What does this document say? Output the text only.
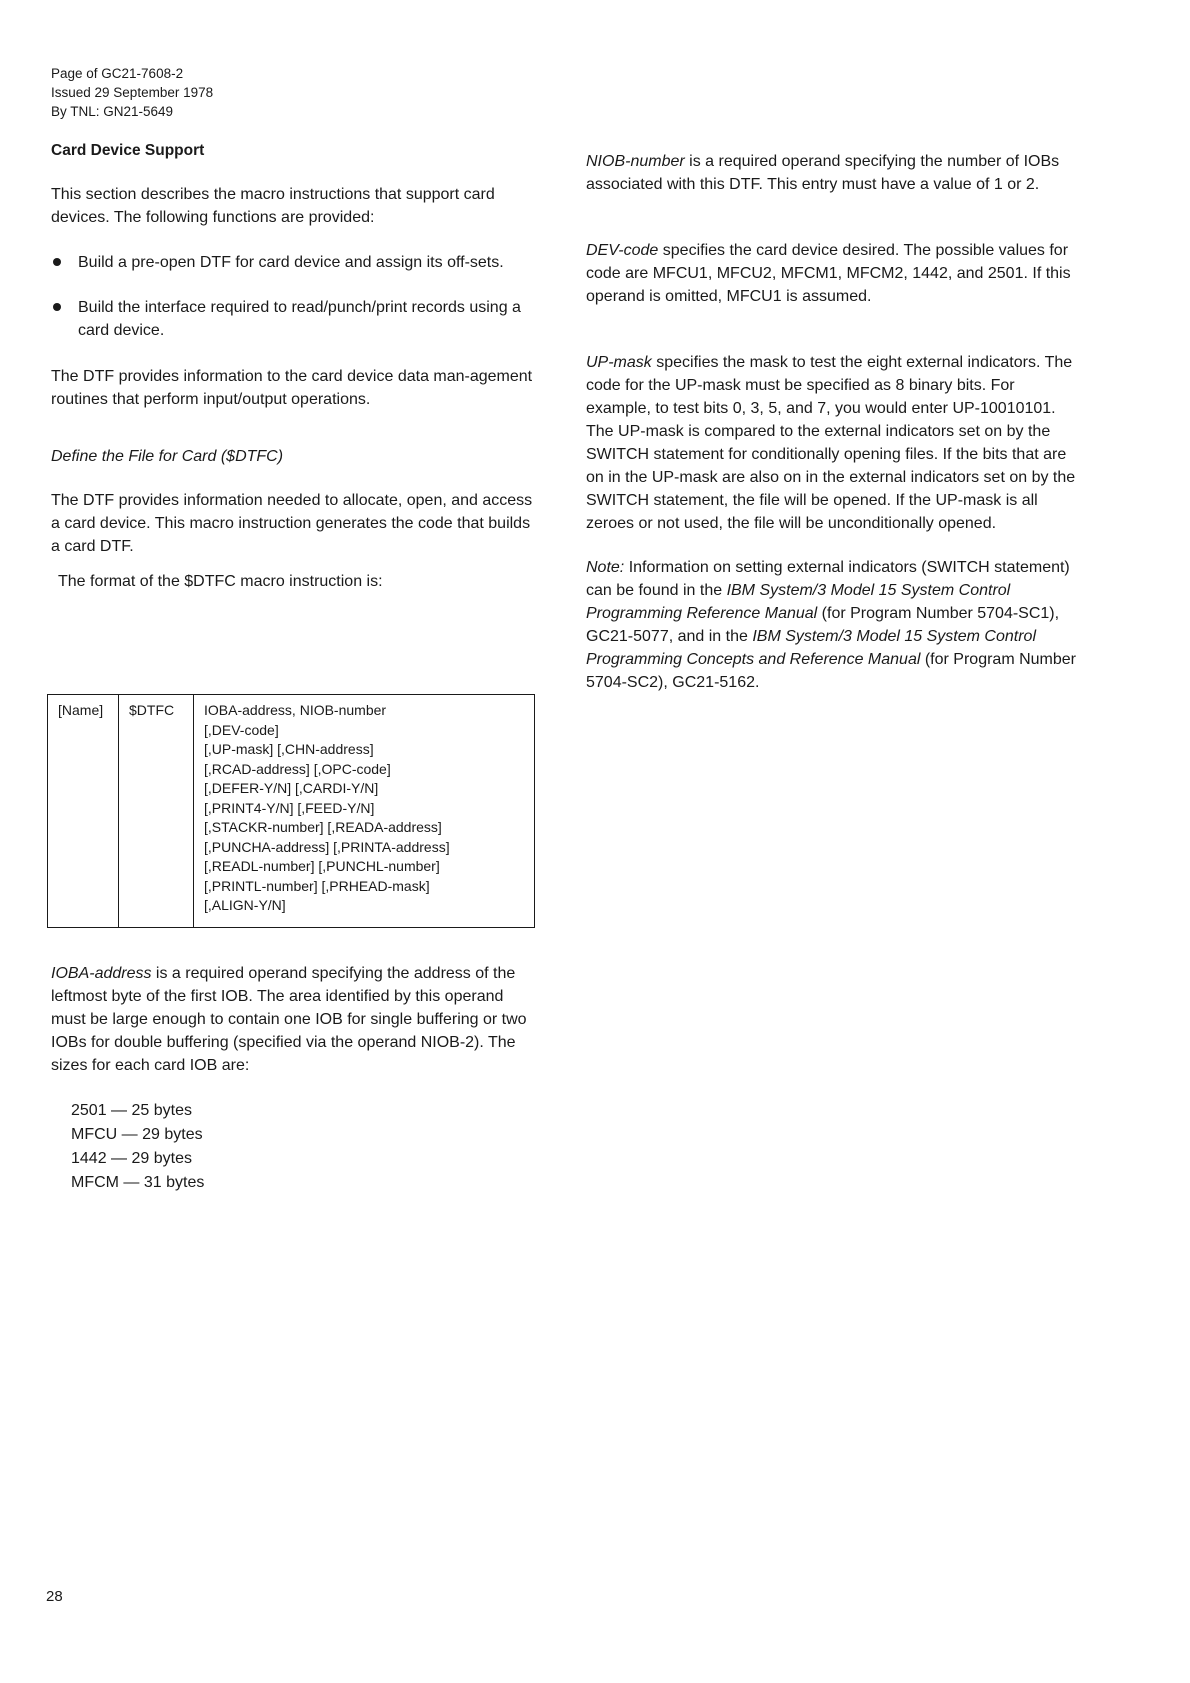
Page of GC21-7608-2
Issued 29 September 1978
By TNL: GN21-5649

Card Device Support

This section describes the macro instructions that support card devices. The following functions are provided:

Build a pre-open DTF for card device and assign its off-sets.
Build the interface required to read/punch/print records using a card device.

The DTF provides information to the card device data man-agement routines that perform input/output operations.

Define the File for Card ($DTFC)

The DTF provides information needed to allocate, open, and access a card device. This macro instruction generates the code that builds a card DTF.

The format of the $DTFC macro instruction is:

[Name]	$DTFC	IOBA-address, NIOB-number
[,DEV-code]
[,UP-mask] [,CHN-address]
[,RCAD-address] [,OPC-code]
[,DEFER-Y/N] [,CARDI-Y/N]
[,PRINT4-Y/N] [,FEED-Y/N]
[,STACKR-number] [,READA-address]
[,PUNCHA-address] [,PRINTA-address]
[,READL-number] [,PUNCHL-number]
[,PRINTL-number] [,PRHEAD-mask]
[,ALIGN-Y/N]

IOBA-address is a required operand specifying the address of the leftmost byte of the first IOB. The area identified by this operand must be large enough to contain one IOB for single buffering or two IOBs for double buffering (specified via the operand NIOB-2). The sizes for each card IOB are:

2501 — 25 bytes
MFCU — 29 bytes
1442 — 29 bytes
MFCM — 31 bytes

NIOB-number is a required operand specifying the number of IOBs associated with this DTF. This entry must have a value of 1 or 2.

DEV-code specifies the card device desired. The possible values for code are MFCU1, MFCU2, MFCM1, MFCM2, 1442, and 2501. If this operand is omitted, MFCU1 is assumed.

UP-mask specifies the mask to test the eight external indicators. The code for the UP-mask must be specified as 8 binary bits. For example, to test bits 0, 3, 5, and 7, you would enter UP-10010101. The UP-mask is compared to the external indicators set on by the SWITCH statement for conditionally opening files. If the bits that are on in the UP-mask are also on in the external indicators set on by the SWITCH statement, the file will be opened. If the UP-mask is all zeroes or not used, the file will be unconditionally opened.

Note: Information on setting external indicators (SWITCH statement) can be found in the IBM System/3 Model 15 System Control Programming Reference Manual (for Program Number 5704-SC1), GC21-5077, and in the IBM System/3 Model 15 System Control Programming Concepts and Reference Manual (for Program Number 5704-SC2), GC21-5162.

28
